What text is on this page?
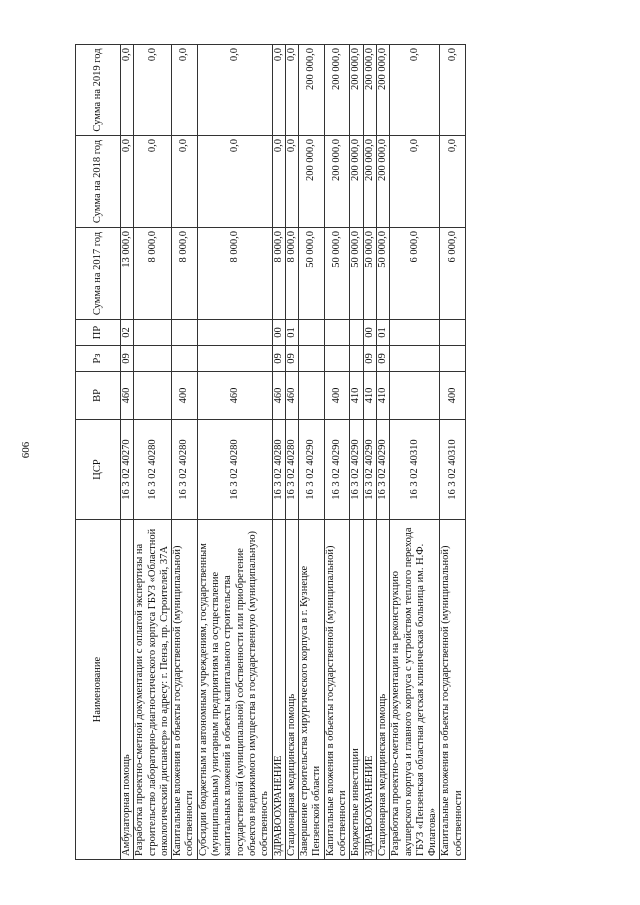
606
Наименование	ЦСР	ВР	Рз	ПР	Сумма на 2017 год	Сумма на 2018 год	Сумма на 2019 год
Амбулаторная помощь	16 3 02 40270	460	09	02	13 000,0	0,0	0,0
Разработка проектно-сметной документации с оплатой экспертизы на строительство лабораторно-диагностического корпуса ГБУЗ «Областной онкологический диспансер» по адресу: г. Пенза, пр. Строителей, 37А	16 3 02 40280				8 000,0	0,0	0,0
Капитальные вложения в объекты государственной (муниципальной) собственности	16 3 02 40280	400			8 000,0	0,0	0,0
Субсидии бюджетным и автономным учреждениям, государственным (муниципальным) унитарным предприятиям на осуществление капитальных вложений в объекты капитального строительства государственной (муниципальной) собственности или приобретение объектов недвижимого имущества в государственную (муниципальную) собственность	16 3 02 40280	460			8 000,0	0,0	0,0
ЗДРАВООХРАНЕНИЕ	16 3 02 40280	460	09	00	8 000,0	0,0	0,0
Стационарная медицинская помощь	16 3 02 40280	460	09	01	8 000,0	0,0	0,0
Завершение строительства хирургического корпуса в г. Кузнецке Пензенской области	16 3 02 40290				50 000,0	200 000,0	200 000,0
Капитальные вложения в объекты государственной (муниципальной) собственности	16 3 02 40290	400			50 000,0	200 000,0	200 000,0
Бюджетные инвестиции	16 3 02 40290	410			50 000,0	200 000,0	200 000,0
ЗДРАВООХРАНЕНИЕ	16 3 02 40290	410	09	00	50 000,0	200 000,0	200 000,0
Стационарная медицинская помощь	16 3 02 40290	410	09	01	50 000,0	200 000,0	200 000,0
Разработка проектно-сметной документации на реконструкцию акушерского корпуса и главного корпуса с устройством теплого перехода ГБУЗ «Пензенская областная детская клиническая больница им. Н.Ф. Филатова»	16 3 02 40310				6 000,0	0,0	0,0
Капитальные вложения в объекты государственной (муниципальной) собственности	16 3 02 40310	400			6 000,0	0,0	0,0
